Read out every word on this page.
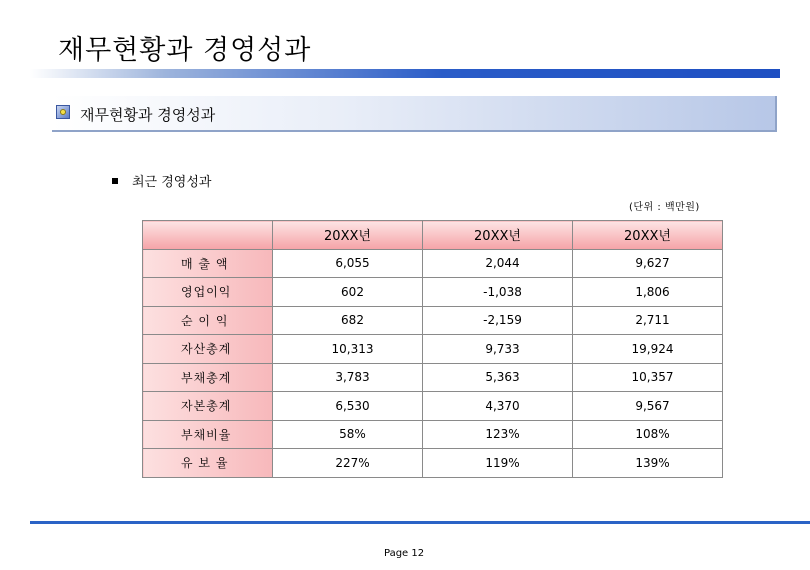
재무현황과 경영성과
재무현황과 경영성과
최근 경영성과
(단위 : 백만원)
	20XX년	20XX년	20XX년
매 출 액	6,055	2,044	9,627
영업이익	602	-1,038	1,806
순 이 익	682	-2,159	2,711
자산총계	10,313	9,733	19,924
부채총계	3,783	5,363	10,357
자본총계	6,530	4,370	9,567
부채비율	58%	123%	108%
유 보 율	227%	119%	139%
Page 12
